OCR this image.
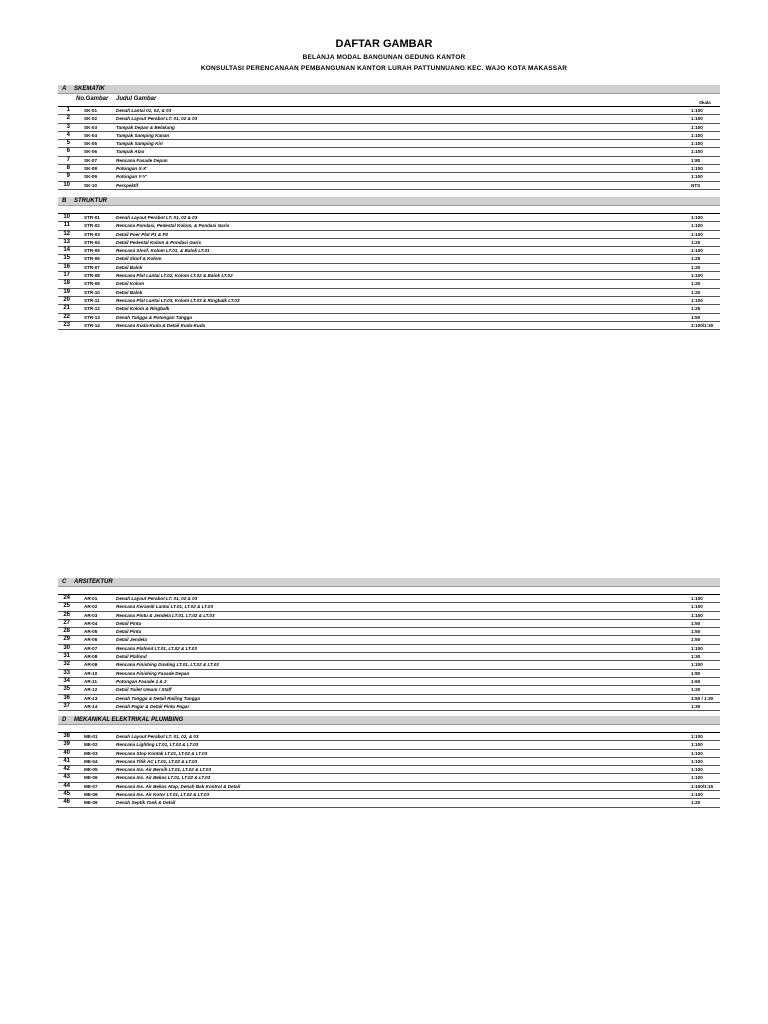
DAFTAR GAMBAR
BELANJA MODAL BANGUNAN GEDUNG KANTOR
KONSULTASI PERENCANAAN PEMBANGUNAN KANTOR LURAH PATTUNNUANG KEC. WAJO KOTA MAKASSAR
A SKEMATIK
No.Gambar Judul Gambar
Skala
1	SK-01	Denah Lantai 01, 02, & 03	1:100
2	SK-02	Denah Layout Perabot LT. 01, 02 & 03	1:100
3	SK-03	Tampak Depan & Belakang	1:100
4	SK-04	Tampak Samping Kanan	1:100
5	SK-05	Tampak Samping Kiri	1:100
6	SK-06	Tampak Atas	1:100
7	SK-07	Rencana Fasade Depan	1:80
8	SK-08	Potongan X-X'	1:100
9	SK-09	Potongan Y-Y'	1:100
10	SK-10	Perspektif	NTS
B STRUKTUR
10	STR-01	Denah Layout Perabot LT. 01, 02 & 03	1:100
11	STR-02	Rencana Pondasi, Pedestal Kolom, & Pondasi Garis	1:100
12	STR-03	Detail Poer Plat P1 & P2	1:100
13	STR-04	Detail Pedestal Kolom & Pondasi Garis	1:20
14	STR-05	Rencana Sloof, Kolom LT.01, & Balok LT.01	1:100
15	STR-06	Detail Sloof & Kolom	1:25
16	STR-07	Detail Balok	1:20
17	STR-08	Rencana Plat Lantai LT.02, Kolom LT.02 & Balok LT.02	1:100
18	STR-09	Detail Kolom	1:20
19	STR-10	Detail Balok	1:20
20	STR-11	Rencana Plat Lantai LT.03, Kolom LT.03 & Ringbalk LT.03	1:100
21	STR-12	Detail Kolom & Ringbalk	1:25
22	STR-13	Denah Tangga & Potongan Tangga	1:50
23	STR-14	Rencana Kuda-Kuda & Detail Kuda-Kuda	1:100/1:30
C ARSITEKTUR
24	AR-01	Denah Layout Perabot LT. 01, 02 & 03	1:100
25	AR-02	Rencana Keramik Lantai LT.01, LT.02 & LT.03	1:100
26	AR-03	Rencana Pintu & Jendela LT.01, LT.02 & LT.03	1:100
27	AR-04	Detail Pintu	1:50
28	AR-05	Detail Pintu	1:50
29	AR-06	Detail Jendela	1:50
30	AR-07	Rencana Plafond LT.01, LT.02 & LT.03	1:100
31	AR-08	Detail Plafond	1:30
32	AR-09	Rencana Finishing Dinding LT.01, LT.02 & LT.03	1:100
33	AR-10	Rencana Finishing Fasade Depan	1:80
34	AR-11	Potongan Fasade 1 & 2	1:60
35	AR-12	Detail Toilet Umum / Staff	1:20
36	AR-13	Denah Tangga & Detail Railing Tangga	1:50 / 1:30
37	AR-14	Denah Pagar & Detail Pintu Pagar	1:30
D MEKANIKAL ELEKTRIKAL PLUMBING
38	ME-01	Denah Layout Perabot LT. 01, 02, & 03	1:100
39	ME-02	Rencana Lighting LT.01, LT.02 & LT.03	1:100
40	ME-03	Rencana Stop Kontak LT.01, LT.02 & LT.03	1:100
41	ME-04	Rencana Titik AC LT.01, LT.02 & LT.03	1:100
42	ME-05	Rencana Ins. Air Bersih LT.01, LT.02 & LT.03	1:100
43	ME-06	Rencana Ins. Air Bekas LT.01, LT.02 & LT.03	1:100
44	ME-07	Rencana Ins. Air Bekas Atap, Denah Bak Kontrol & Detail	1:100/1:15
45	ME-08	Rencana Ins. Air Kotor LT.01, LT.02 & LT.03	1:100
46	ME-09	Denah Septik Tank & Detail	1:20
